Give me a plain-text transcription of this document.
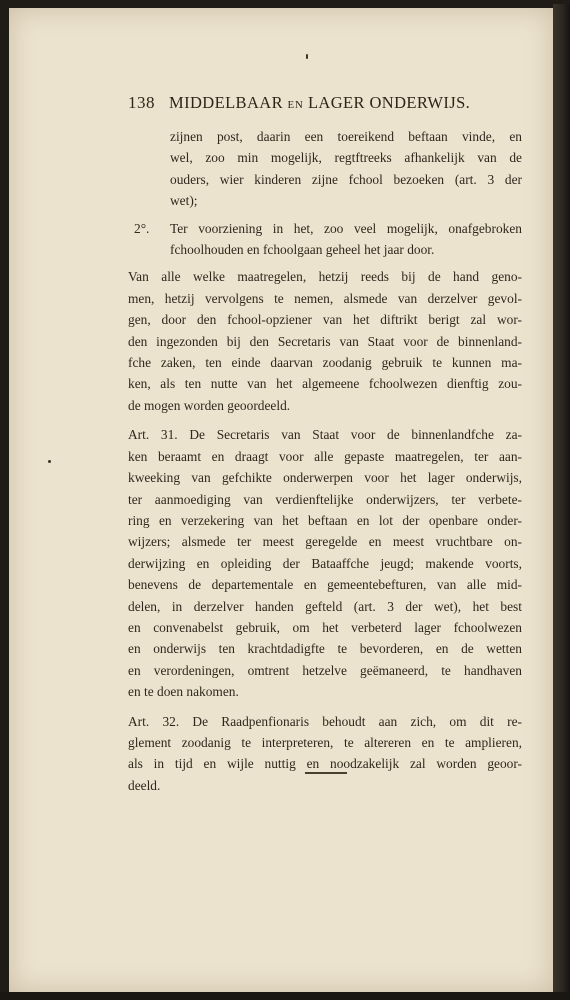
138 MIDDELBAAR EN LAGER ONDERWIJS.

zijnen post, daarin een toereikend beftaan vinde, en

wel, zoo min mogelijk, regtftreeks afhankelijk van de

ouders, wier kinderen zijne fchool bezoeken (art. 3 der

wet);

2°. Ter voorziening in het, zoo veel mogelijk, onafgebroken

fchoolhouden en fchoolgaan geheel het jaar door.

Van alle welke maatregelen, hetzij reeds bij de hand geno-

men, hetzij vervolgens te nemen, alsmede van derzelver gevol-

gen, door den fchool-opziener van het diftrikt berigt zal wor-

den ingezonden bij den Secretaris van Staat voor de binnenland-

fche zaken, ten einde daarvan zoodanig gebruik te kunnen ma-

ken, als ten nutte van het algemeene fchoolwezen dienftig zou-

de mogen worden geoordeeld.

Art. 31. De Secretaris van Staat voor de binnenlandfche za-

ken beraamt en draagt voor alle gepaste maatregelen, ter aan-

kweeking van gefchikte onderwerpen voor het lager onderwijs,

ter aanmoediging van verdienftelijke onderwijzers, ter verbete-

ring en verzekering van het beftaan en lot der openbare onder-

wijzers; alsmede ter meest geregelde en meest vruchtbare on-

derwijzing en opleiding der Bataaffche jeugd; makende voorts,

benevens de departementale en gemeentebefturen, van alle mid-

delen, in derzelver handen gefteld (art. 3 der wet), het best

en convenabelst gebruik, om het verbeterd lager fchoolwezen

en onderwijs ten krachtdadigfte te bevorderen, en de wetten

en verordeningen, omtrent hetzelve geëmaneerd, te handhaven

en te doen nakomen.

Art. 32. De Raadpenfionaris behoudt aan zich, om dit re-

glement zoodanig te interpreteren, te altereren en te amplieren,

als in tijd en wijle nuttig en noodzakelijk zal worden geoor-

deeld.
